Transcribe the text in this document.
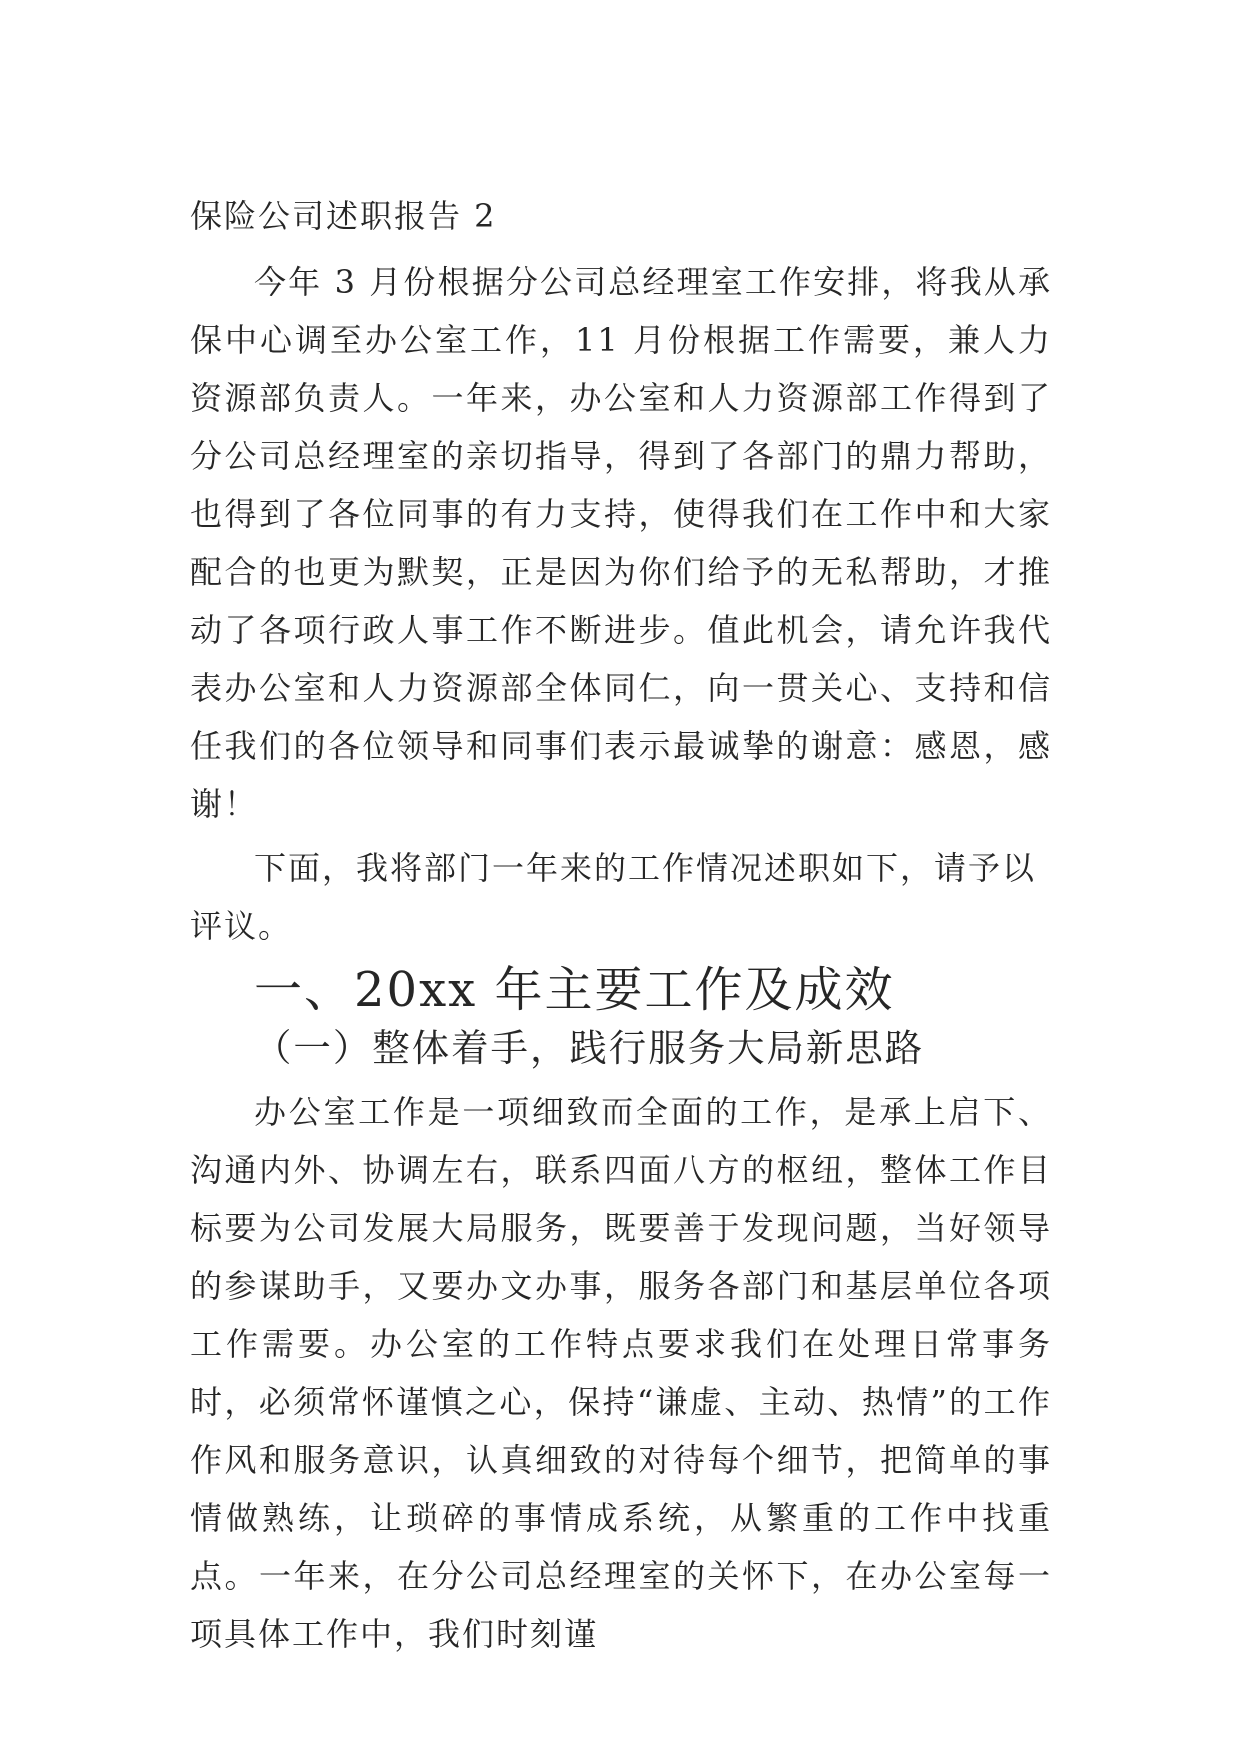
保险公司述职报告 2

今年 3 月份根据分公司总经理室工作安排，将我从承保中心调至办公室工作，11 月份根据工作需要，兼人力资源部负责人。一年来，办公室和人力资源部工作得到了分公司总经理室的亲切指导，得到了各部门的鼎力帮助，也得到了各位同事的有力支持，使得我们在工作中和大家配合的也更为默契，正是因为你们给予的无私帮助，才推动了各项行政人事工作不断进步。值此机会，请允许我代表办公室和人力资源部全体同仁，向一贯关心、支持和信任我们的各位领导和同事们表示最诚挚的谢意：感恩，感谢！

下面，我将部门一年来的工作情况述职如下，请予以评议。

一、20xx 年主要工作及成效
（一）整体着手，践行服务大局新思路

办公室工作是一项细致而全面的工作，是承上启下、沟通内外、协调左右，联系四面八方的枢纽，整体工作目标要为公司发展大局服务，既要善于发现问题，当好领导的参谋助手，又要办文办事，服务各部门和基层单位各项工作需要。办公室的工作特点要求我们在处理日常事务时，必须常怀谨慎之心，保持“谦虚、主动、热情”的工作作风和服务意识，认真细致的对待每个细节，把简单的事情做熟练，让琐碎的事情成系统，从繁重的工作中找重点。一年来，在分公司总经理室的关怀下，在办公室每一项具体工作中，我们时刻谨
